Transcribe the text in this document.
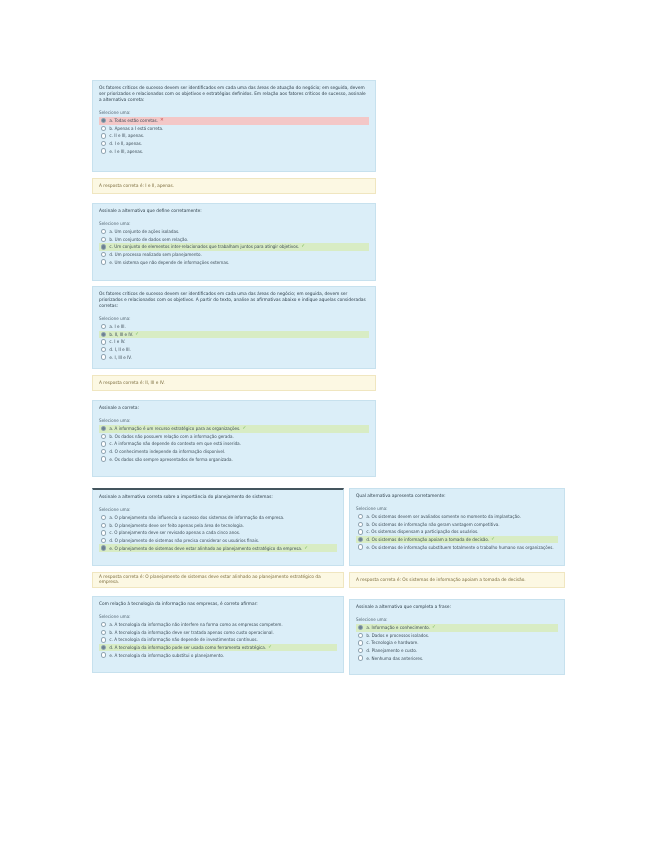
Os fatores críticos de sucesso devem ser identificados em cada uma das áreas de atuação do negócio; em seguida, devem ser priorizados e relacionados com os objetivos e estratégias definidos. Em relação aos fatores críticos de sucesso, assinale a alternativa correta:

Selecione uma:
a. Todas estão corretas. ✕
b. Apenas a I está correta.
c. II e III, apenas.
d. I e II, apenas.
e. I e III, apenas.
A resposta correta é: I e II, apenas.

Assinale a alternativa que define corretamente:

Selecione uma:
a. Um conjunto de ações isoladas.
b. Um conjunto de dados sem relação.
c. Um conjunto de elementos inter-relacionados que trabalham juntos para atingir objetivos. ✓
d. Um processo realizado sem planejamento.
e. Um sistema que não depende de informações externas.

Os fatores críticos de sucesso devem ser identificados em cada uma das áreas do negócio; em seguida, devem ser priorizados e relacionados com os objetivos. A partir do texto, analise as afirmativas abaixo e indique aquelas consideradas corretas:

Selecione uma:
a. I e III.
b. II, III e IV. ✓
c. I e IV.
d. I, II e III.
e. I, III e IV.
A resposta correta é: II, III e IV.

Assinale a correta:

Selecione uma:
a. A informação é um recurso estratégico para as organizações. ✓
b. Os dados não possuem relação com a informação gerada.
c. A informação não depende do contexto em que está inserida.
d. O conhecimento independe da informação disponível.
e. Os dados são sempre apresentados de forma organizada.

Assinale a alternativa correta sobre a importância do planejamento de sistemas:

Selecione uma:
a. O planejamento não influencia o sucesso dos sistemas de informação da empresa.
b. O planejamento deve ser feito apenas pela área de tecnologia.
c. O planejamento deve ser revisado apenas a cada cinco anos.
d. O planejamento de sistemas não precisa considerar os usuários finais.
e. O planejamento de sistemas deve estar alinhado ao planejamento estratégico da empresa. ✓
A resposta correta é: O planejamento de sistemas deve estar alinhado ao planejamento estratégico da empresa.

Qual alternativa apresenta corretamente:

Selecione uma:
a. Os sistemas devem ser avaliados somente no momento da implantação.
b. Os sistemas de informação não geram vantagem competitiva.
c. Os sistemas dispensam a participação dos usuários.
d. Os sistemas de informação apoiam a tomada de decisão. ✓
e. Os sistemas de informação substituem totalmente o trabalho humano nas organizações.
A resposta correta é: Os sistemas de informação apoiam a tomada de decisão.

Com relação à tecnologia da informação nas empresas, é correto afirmar:

Selecione uma:
a. A tecnologia da informação não interfere na forma como as empresas competem.
b. A tecnologia da informação deve ser tratada apenas como custo operacional.
c. A tecnologia da informação não depende de investimentos contínuos.
d. A tecnologia da informação pode ser usada como ferramenta estratégica. ✓
e. A tecnologia da informação substitui o planejamento.

Assinale a alternativa que completa a frase:

Selecione uma:
a. Informação e conhecimento. ✓
b. Dados e processos isolados.
c. Tecnologia e hardware.
d. Planejamento e custo.
e. Nenhuma das anteriores.
